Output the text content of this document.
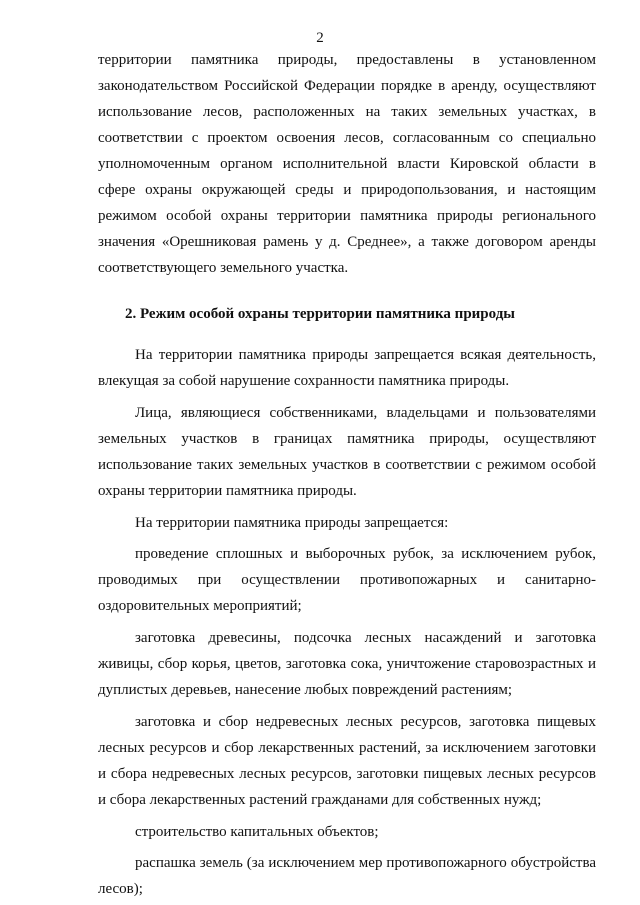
2

территории памятника природы, предоставлены в установленном законодательством Российской Федерации порядке в аренду, осуществляют использование лесов, расположенных на таких земельных участках, в соответствии с проектом освоения лесов, согласованным со специально уполномоченным органом исполнительной власти Кировской области в сфере охраны окружающей среды и природопользования, и настоящим режимом особой охраны территории памятника природы регионального значения «Орешниковая рамень у д. Среднее», а также договором аренды соответствующего земельного участка.

2. Режим особой охраны территории памятника природы

На территории памятника природы запрещается всякая деятельность, влекущая за собой нарушение сохранности памятника природы.

Лица, являющиеся собственниками, владельцами и пользователями земельных участков в границах памятника природы, осуществляют использование таких земельных участков в соответствии с режимом особой охраны территории памятника природы.

На территории памятника природы запрещается:

проведение сплошных и выборочных рубок, за исключением рубок, проводимых при осуществлении противопожарных и санитарно-оздоровительных мероприятий;

заготовка древесины, подсочка лесных насаждений и заготовка живицы, сбор корья, цветов, заготовка сока, уничтожение старовозрастных и дуплистых деревьев, нанесение любых повреждений растениям;

заготовка и сбор недревесных лесных ресурсов, заготовка пищевых лесных ресурсов и сбор лекарственных растений, за исключением заготовки и сбора недревесных лесных ресурсов, заготовки пищевых лесных ресурсов и сбора лекарственных растений гражданами для собственных нужд;

строительство капитальных объектов;

распашка земель (за исключением мер противопожарного обустройства лесов);
